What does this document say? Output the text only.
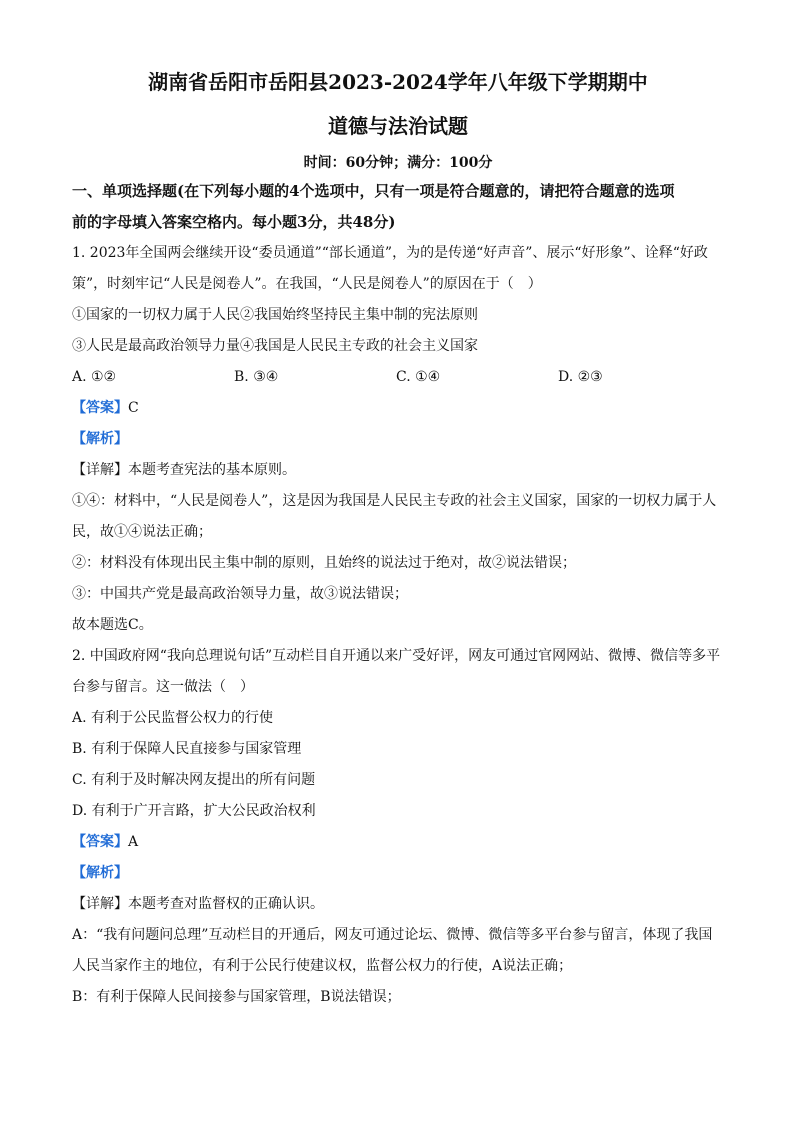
湖南省岳阳市岳阳县2023-2024学年八年级下学期期中
道德与法治试题
时间：60分钟；满分：100分
一、单项选择题(在下列每小题的4个选项中，只有一项是符合题意的，请把符合题意的选项
前的字母填入答案空格内。每小题3分，共48分)

1. 2023年全国两会继续开设“委员通道”“部长通道”，为的是传递“好声音”、展示“好形象”、诠释“好政

策”，时刻牢记“人民是阅卷人”。在我国，“人民是阅卷人”的原因在于（　）

①国家的一切权力属于人民②我国始终坚持民主集中制的宪法原则

③人民是最高政治领导力量④我国是人民民主专政的社会主义国家

A. ①②	B. ③④	C. ①④	D. ②③

【答案】C

【解析】

【详解】本题考查宪法的基本原则。

①④：材料中，“人民是阅卷人”，这是因为我国是人民民主专政的社会主义国家，国家的一切权力属于人

民，故①④说法正确；

②：材料没有体现出民主集中制的原则，且始终的说法过于绝对，故②说法错误；

③：中国共产党是最高政治领导力量，故③说法错误；

故本题选C。

2. 中国政府网“我向总理说句话”互动栏目自开通以来广受好评，网友可通过官网网站、微博、微信等多平

台参与留言。这一做法（　）

A. 有利于公民监督公权力的行使

B. 有利于保障人民直接参与国家管理

C. 有利于及时解决网友提出的所有问题

D. 有利于广开言路，扩大公民政治权利

【答案】A

【解析】

【详解】本题考查对监督权的正确认识。

A：“我有问题问总理”互动栏目的开通后，网友可通过论坛、微博、微信等多平台参与留言，体现了我国

人民当家作主的地位，有利于公民行使建议权，监督公权力的行使，A说法正确；

B：有利于保障人民间接参与国家管理，B说法错误；
